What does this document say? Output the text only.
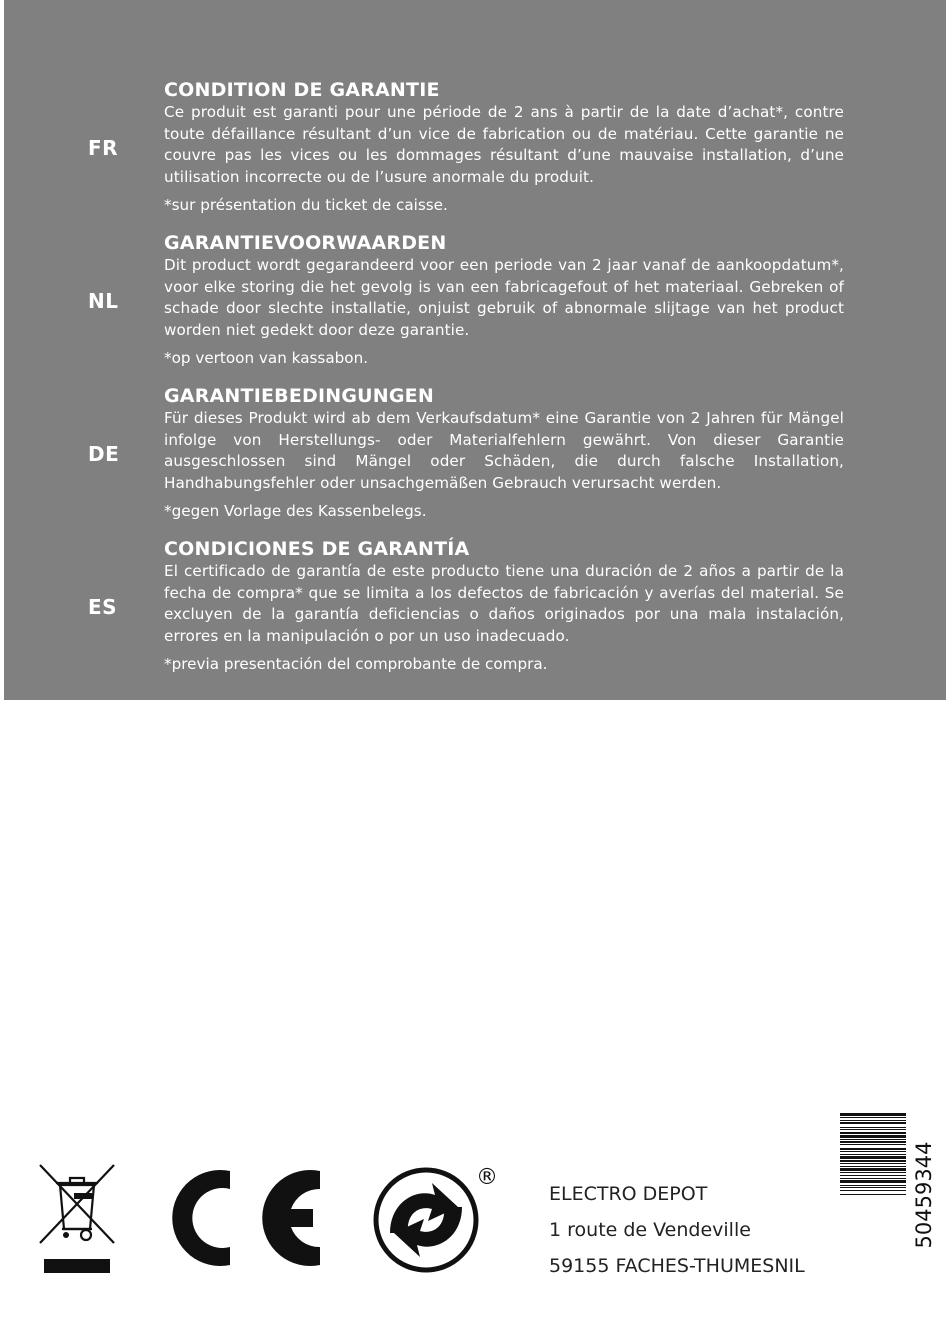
FR
CONDITION DE GARANTIE

Ce produit est garanti pour une période de 2 ans à partir de la date d’achat*, contre toute défaillance résultant d’un vice de fabrication ou de matériau. Cette garantie ne couvre pas les vices ou les dommages résultant d’une mauvaise installation, d’une utilisation incorrecte ou de l’usure anormale du produit.

*sur présentation du ticket de caisse.

NL
GARANTIEVOORWAARDEN

Dit product wordt gegarandeerd voor een periode van 2 jaar vanaf de aankoopdatum*, voor elke storing die het gevolg is van een fabricagefout of het materiaal. Gebreken of schade door slechte installatie, onjuist gebruik of abnormale slijtage van het product worden niet gedekt door deze garantie.

*op vertoon van kassabon.

DE
GARANTIEBEDINGUNGEN

Für dieses Produkt wird ab dem Verkaufsdatum* eine Garantie von 2 Jahren für Mängel infolge von Herstellungs- oder Materialfehlern gewährt. Von dieser Garantie ausgeschlossen sind Mängel oder Schäden, die durch falsche Installation, Handhabungsfehler oder unsachgemäßen Gebrauch verursacht werden.

*gegen Vorlage des Kassenbelegs.

ES
CONDICIONES DE GARANTÍA

El certificado de garantía de este producto tiene una duración de 2 años a partir de la fecha de compra* que se limita a los defectos de fabricación y averías del material. Se excluyen de la garantía deficiencias o daños originados por una mala instalación, errores en la manipulación o por un uso inadecuado.

*previa presentación del comprobante de compra.

®
ELECTRO DEPOT
1 route de Vendeville
59155 FACHES-THUMESNIL
50459344
